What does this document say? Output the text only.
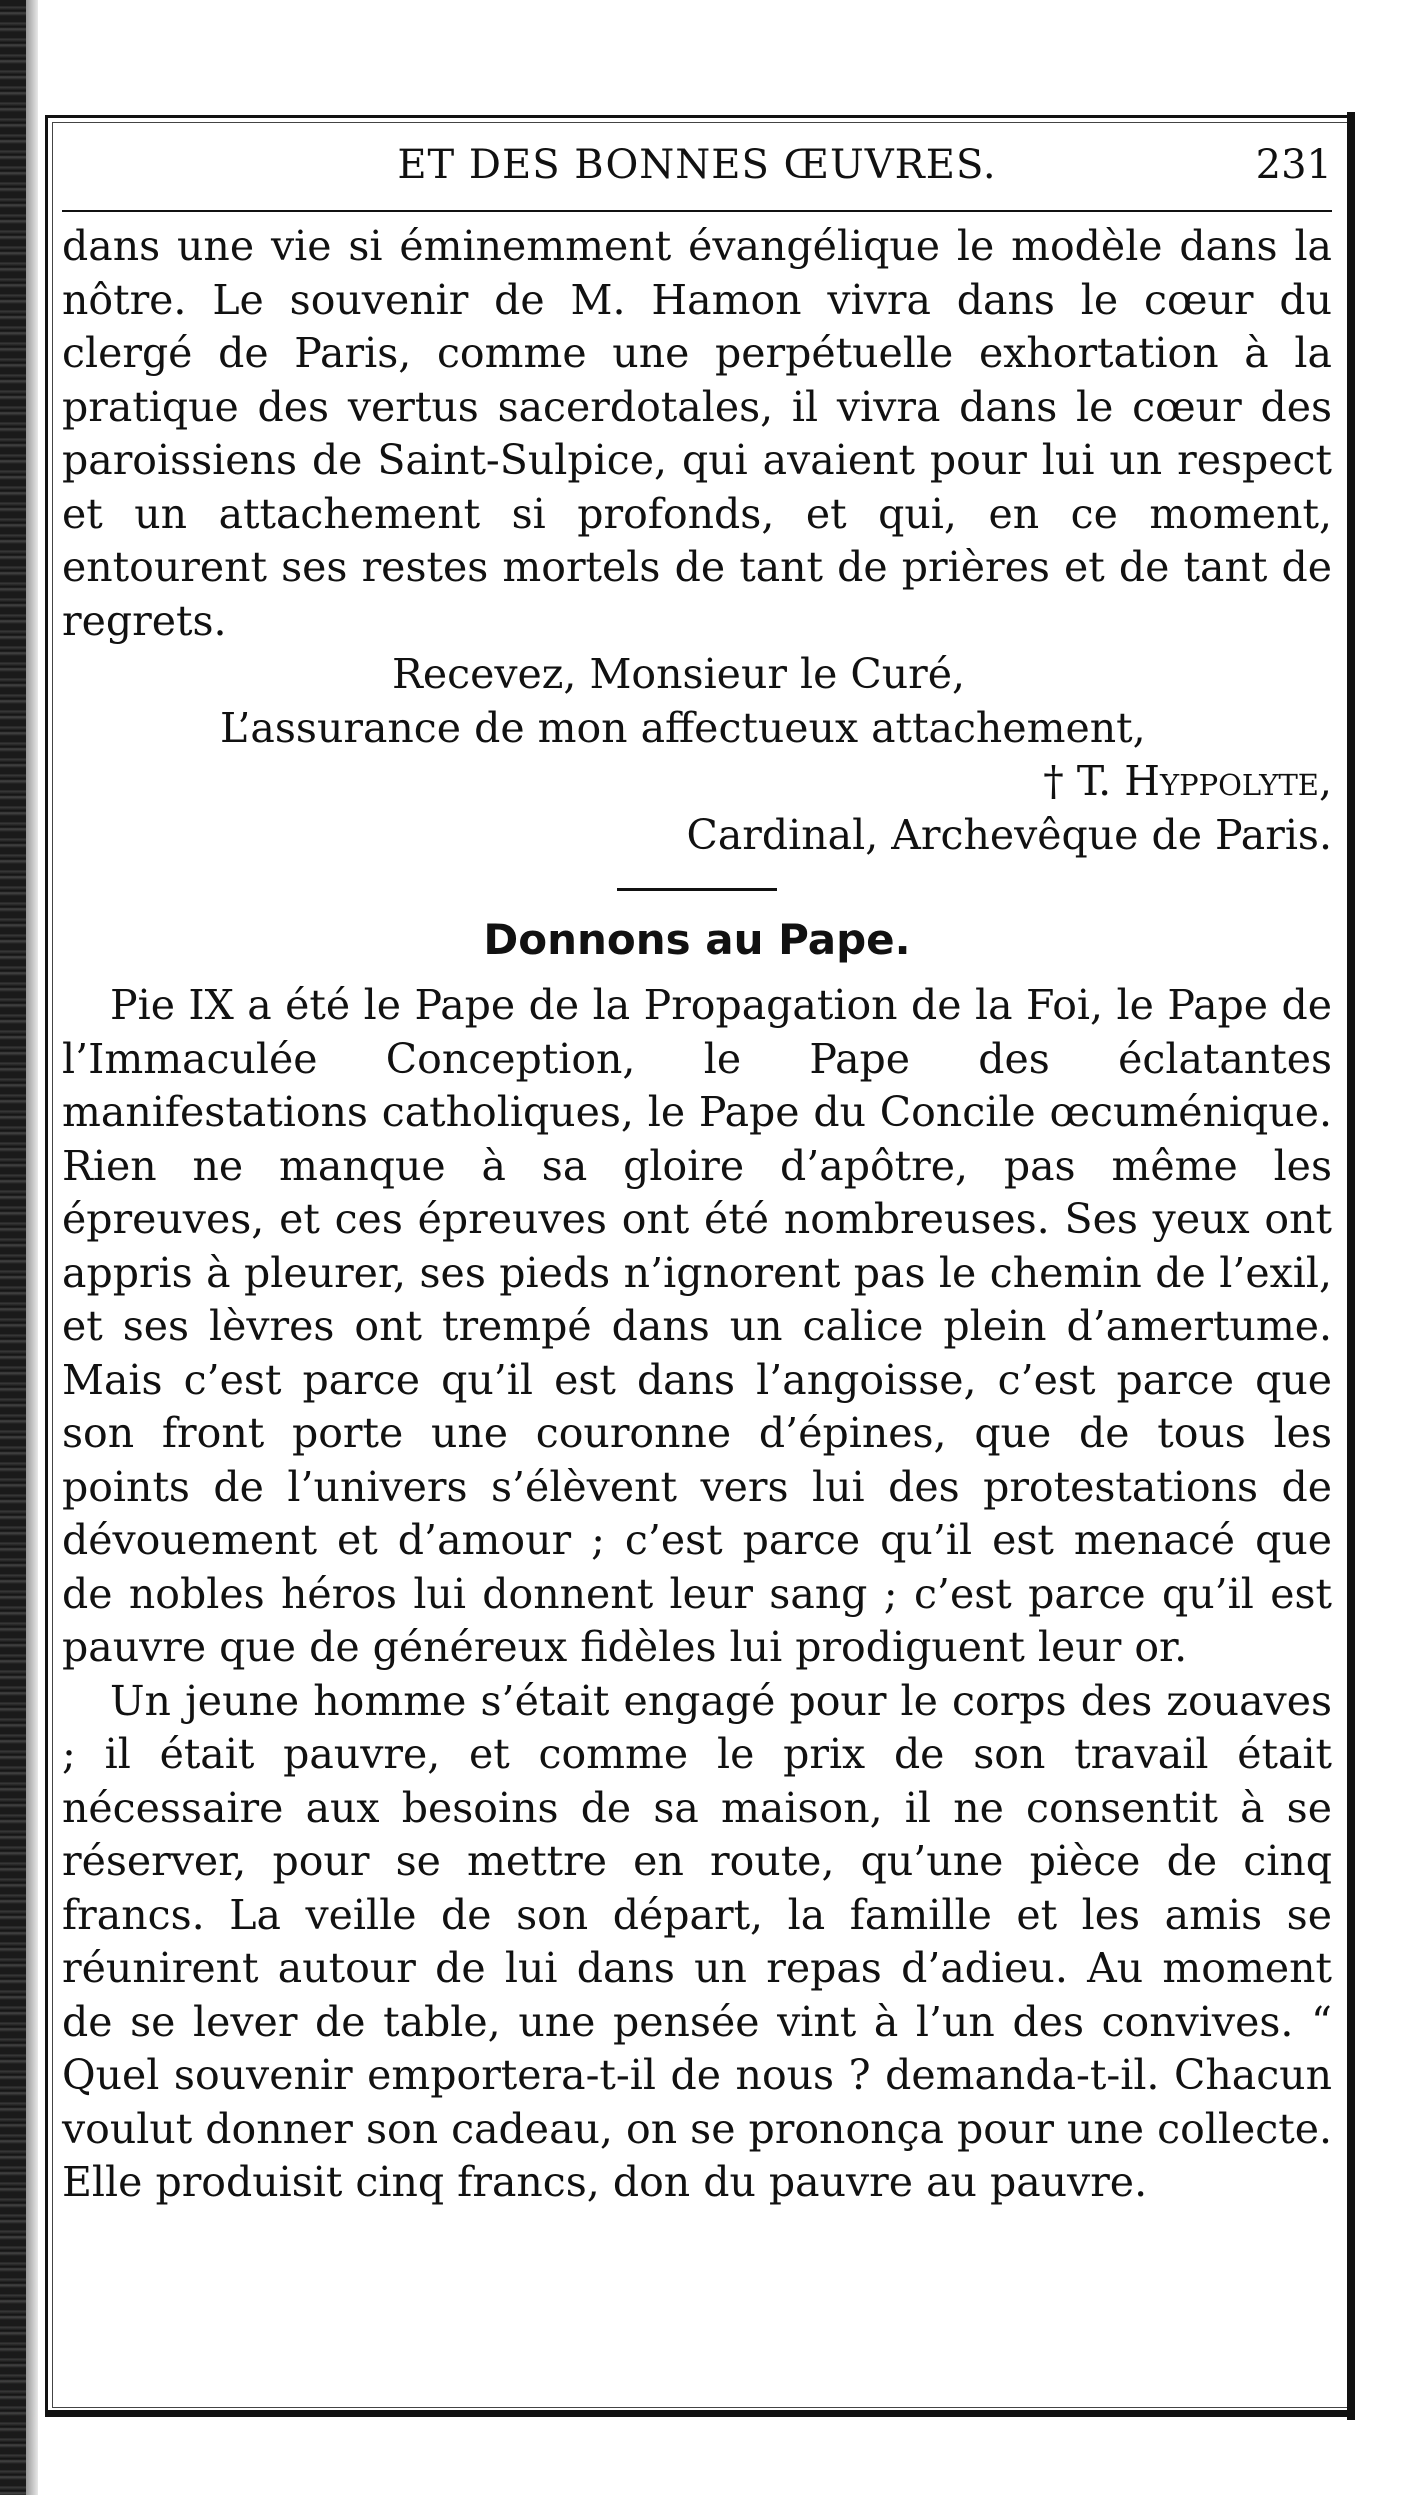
ET DES BONNES ŒUVRES.	231

dans une vie si éminemment évangélique le modèle dans la nôtre. Le souvenir de M. Hamon vivra dans le cœur du clergé de Paris, comme une perpétuelle exhortation à la pratique des vertus sacerdotales, il vivra dans le cœur des paroissiens de Saint-Sulpice, qui avaient pour lui un respect et un attachement si profonds, et qui, en ce moment, entourent ses restes mortels de tant de prières et de tant de regrets.

Recevez, Monsieur le Curé,
L’assurance de mon affectueux attachement,
† T. Hyppolyte,
Cardinal, Archevêque de Paris.
Donnons au Pape.

Pie IX a été le Pape de la Propagation de la Foi, le Pape de l’Immaculée Conception, le Pape des éclatantes manifestations catholiques, le Pape du Concile œcuménique. Rien ne manque à sa gloire d’apôtre, pas même les épreuves, et ces épreuves ont été nombreuses. Ses yeux ont appris à pleurer, ses pieds n’ignorent pas le chemin de l’exil, et ses lèvres ont trempé dans un calice plein d’amertume. Mais c’est parce qu’il est dans l’angoisse, c’est parce que son front porte une couronne d’épines, que de tous les points de l’univers s’élèvent vers lui des protestations de dévouement et d’amour ; c’est parce qu’il est menacé que de nobles héros lui donnent leur sang ; c’est parce qu’il est pauvre que de généreux fidèles lui prodiguent leur or.

Un jeune homme s’était engagé pour le corps des zouaves ; il était pauvre, et comme le prix de son travail était nécessaire aux besoins de sa maison, il ne consentit à se réserver, pour se mettre en route, qu’une pièce de cinq francs. La veille de son départ, la famille et les amis se réunirent autour de lui dans un repas d’adieu. Au moment de se lever de table, une pensée vint à l’un des convives. “ Quel souvenir emportera-t-il de nous ? demanda-t-il. Chacun voulut donner son cadeau, on se prononça pour une collecte. Elle produisit cinq francs, don du pauvre au pauvre.
